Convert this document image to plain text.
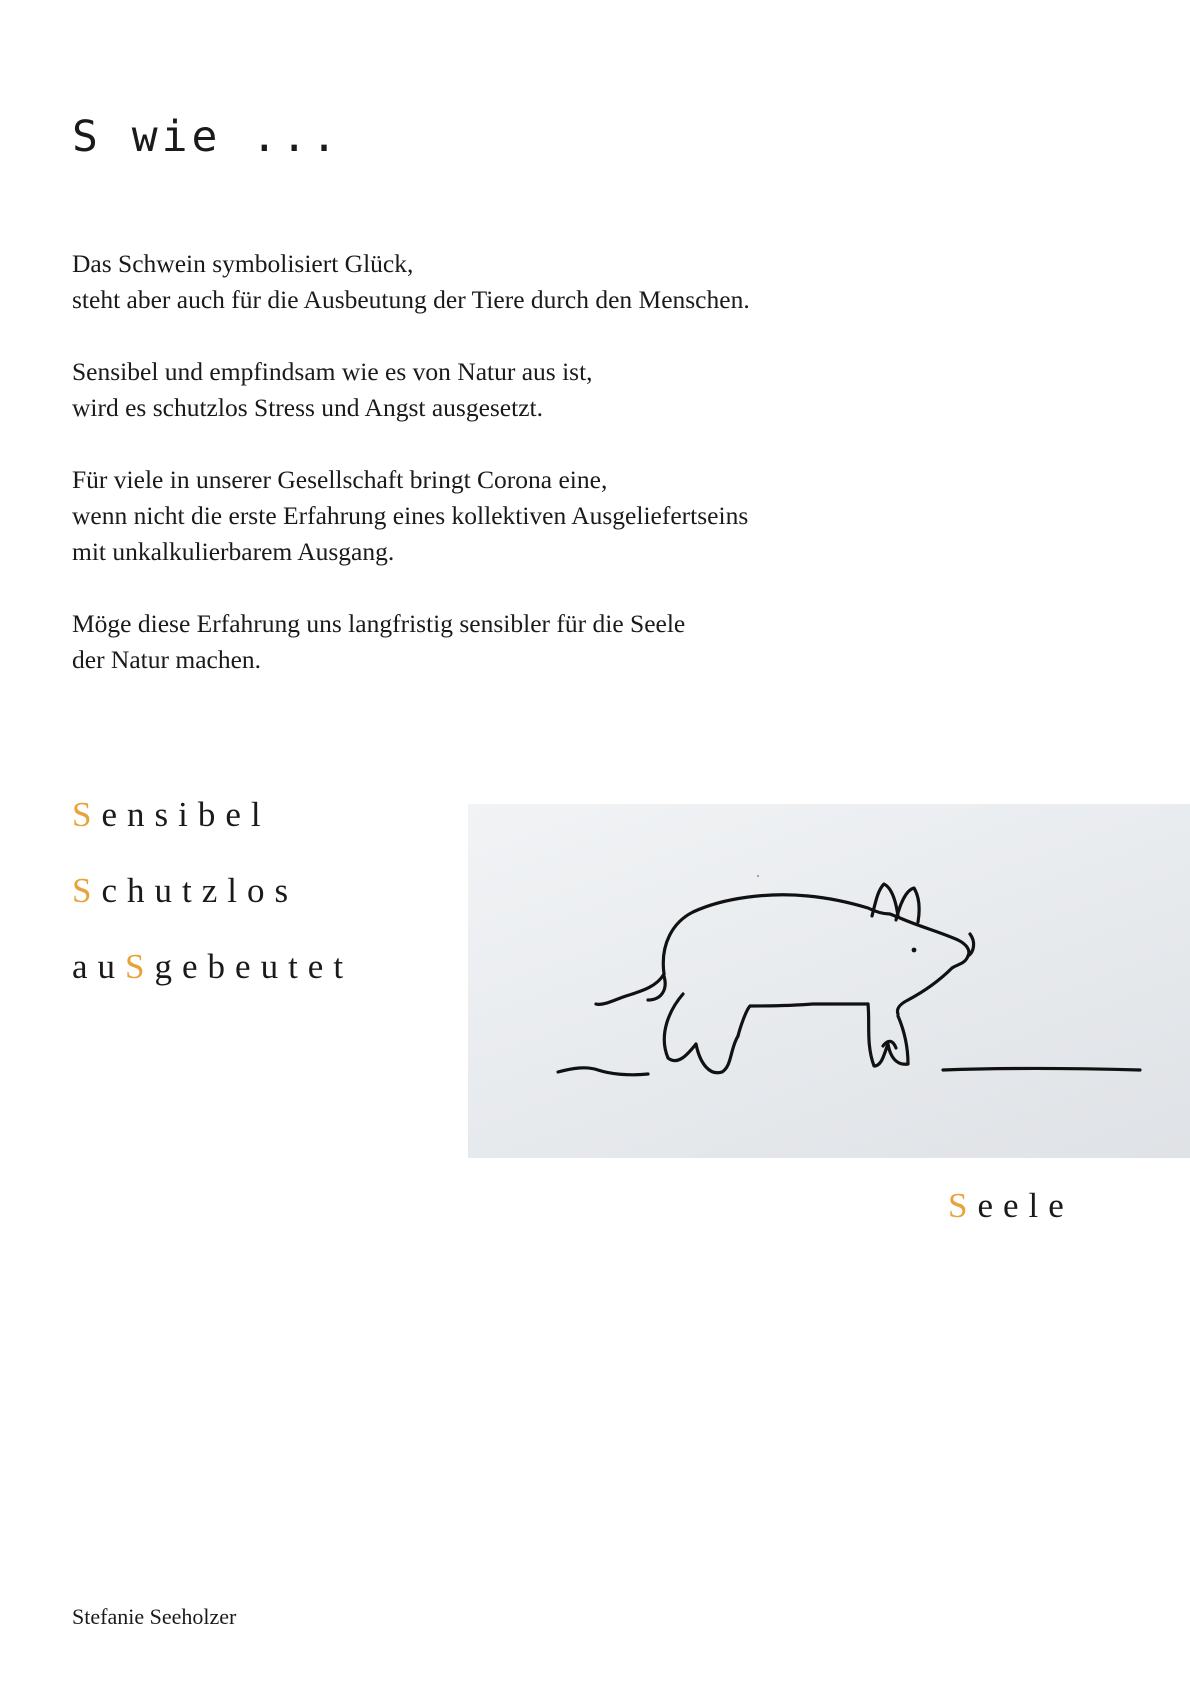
S wie ...

Das Schwein symbolisiert Glück,
steht aber auch für die Ausbeutung der Tiere durch den Menschen.

Sensibel und empfindsam wie es von Natur aus ist,
wird es schutzlos Stress und Angst ausgesetzt.

Für viele in unserer Gesellschaft bringt Corona eine,
wenn nicht die erste Erfahrung eines kollektiven Ausgeliefertseins
mit unkalkulierbarem Ausgang.

Möge diese Erfahrung uns langfristig sensibler für die Seele
der Natur machen.

Sensibel
Schutzlos
auSgebeutet
Seele
Stefanie Seeholzer
